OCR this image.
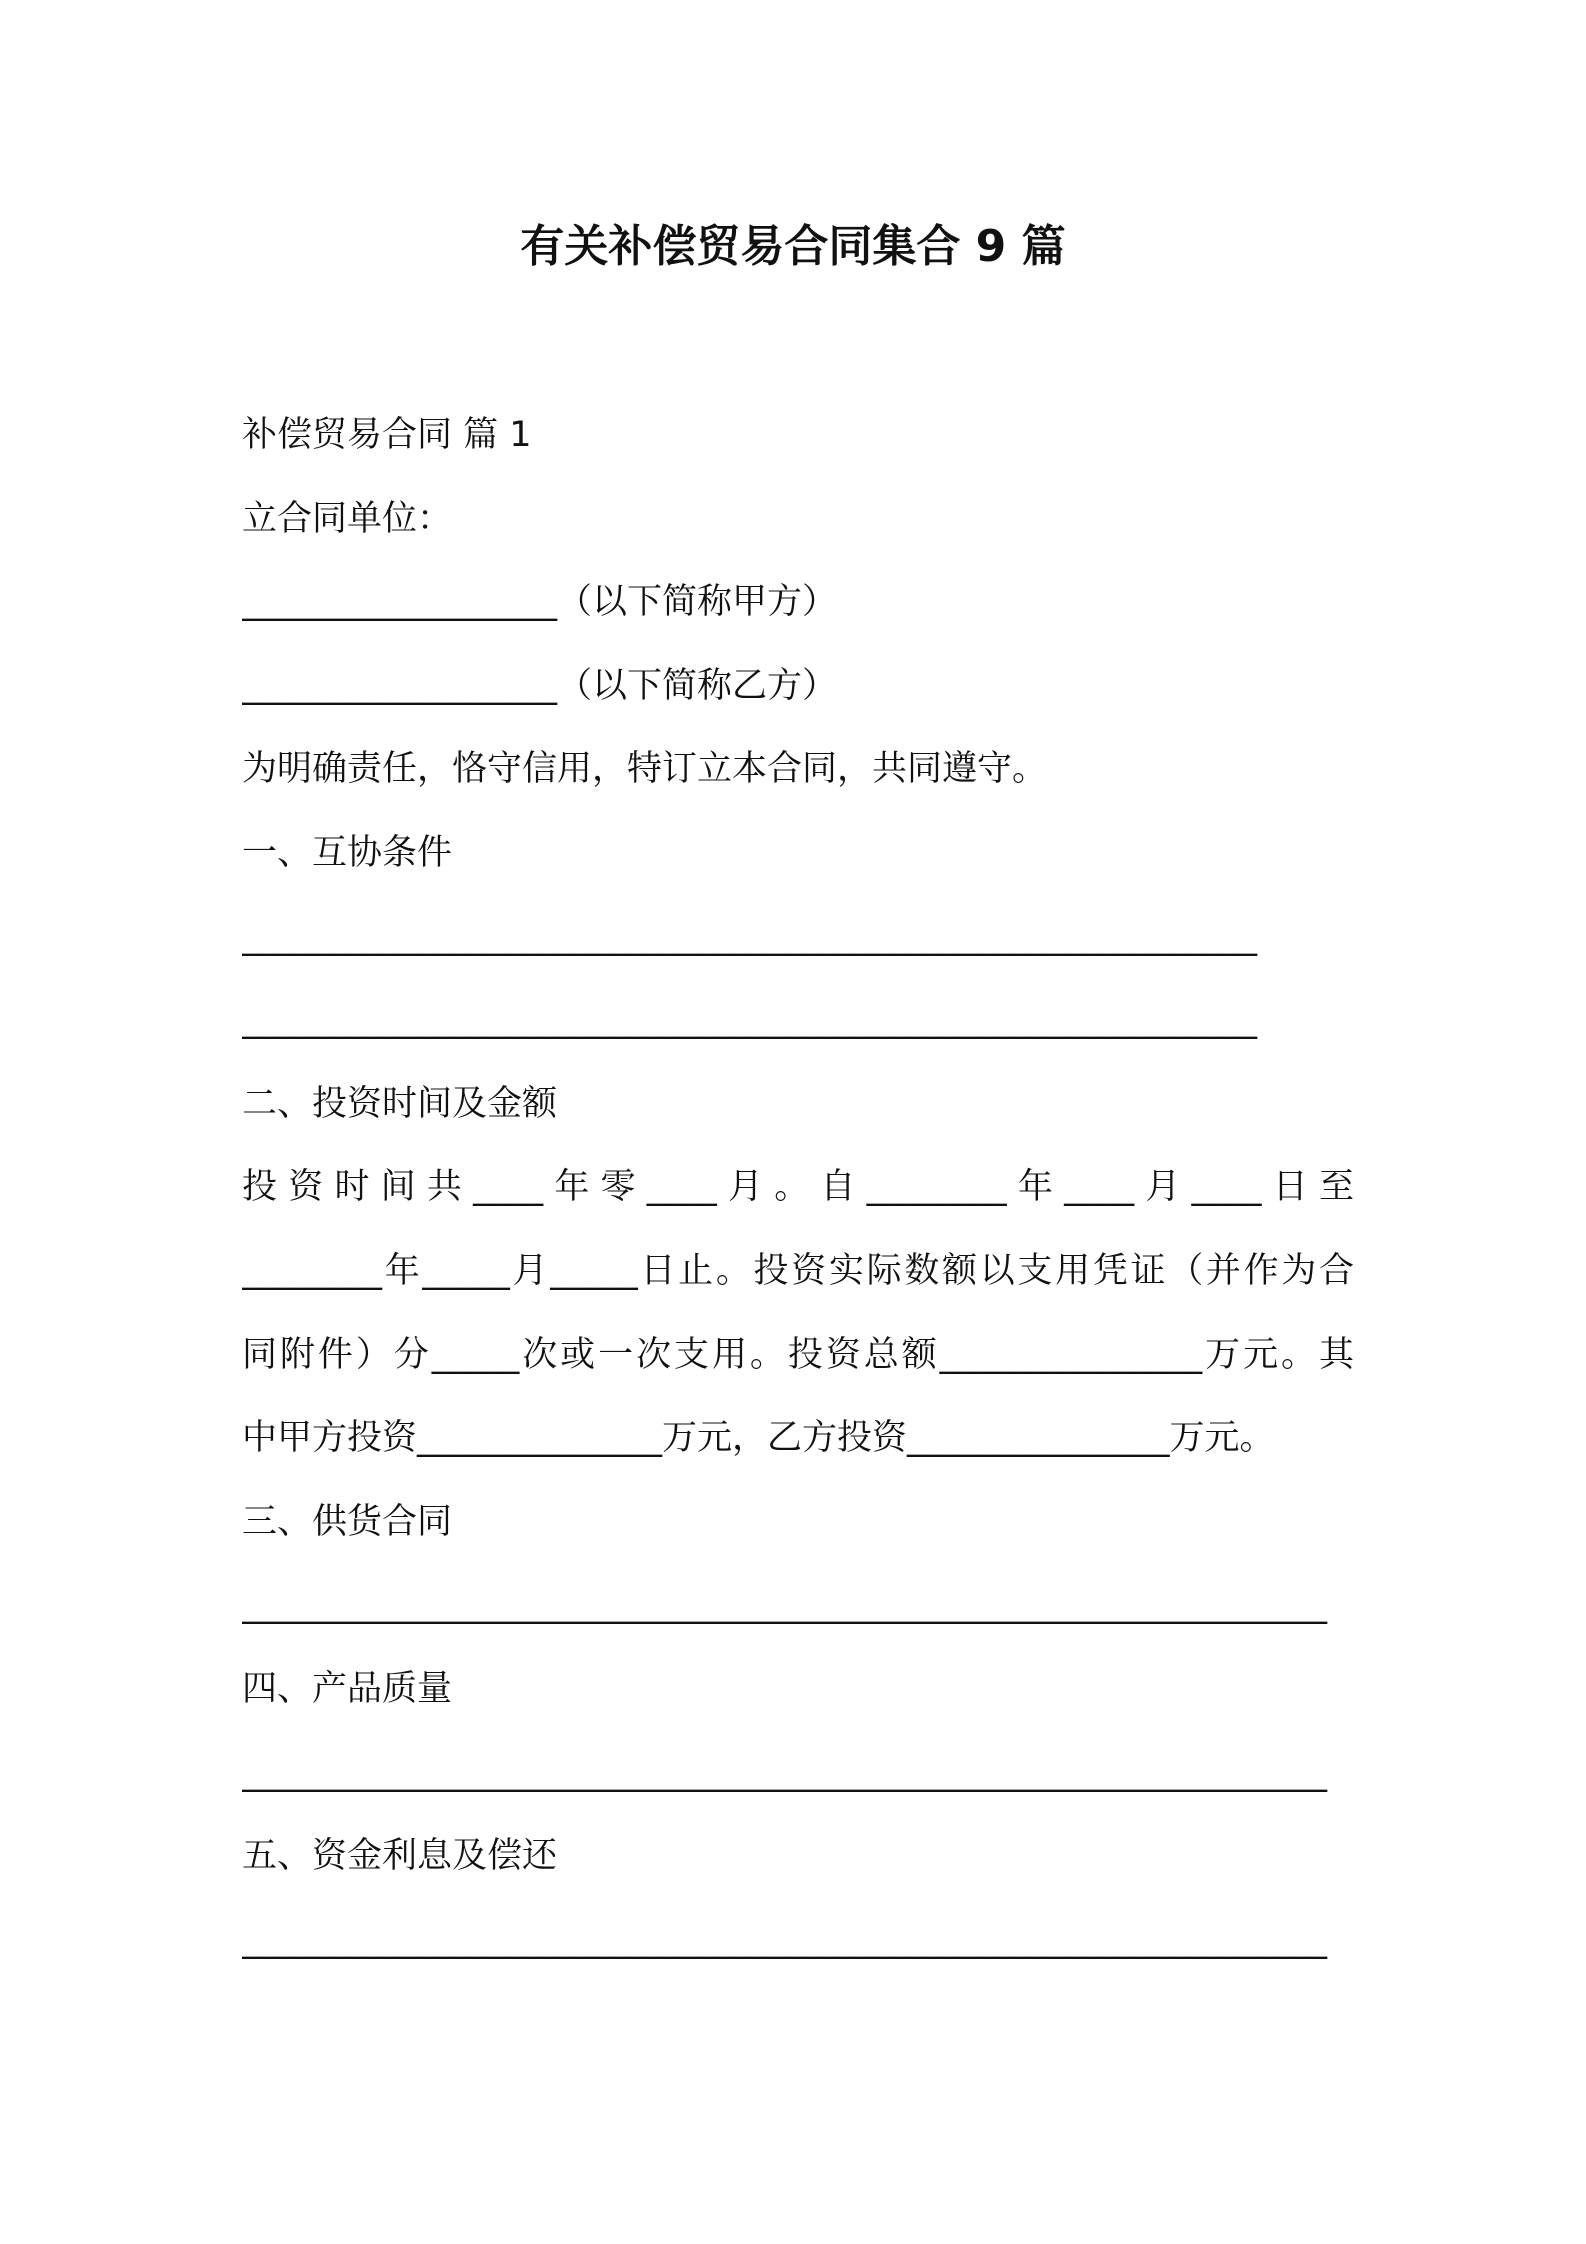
有关补偿贸易合同集合 9 篇
补偿贸易合同 篇 1
立合同单位：
__________________（以下简称甲方）
__________________（以下简称乙方）
为明确责任，恪守信用，特订立本合同，共同遵守。
一、互协条件
__________________________________________________________
__________________________________________________________
二、投资时间及金额
投资时间共____年零____月。自________年____月____日至
________年_____月_____日止。投资实际数额以支用凭证（并作为合
同附件）分_____次或一次支用。投资总额_______________万元。其
中甲方投资______________万元，乙方投资_______________万元。
三、供货合同
______________________________________________________________
四、产品质量
______________________________________________________________
五、资金利息及偿还
______________________________________________________________
